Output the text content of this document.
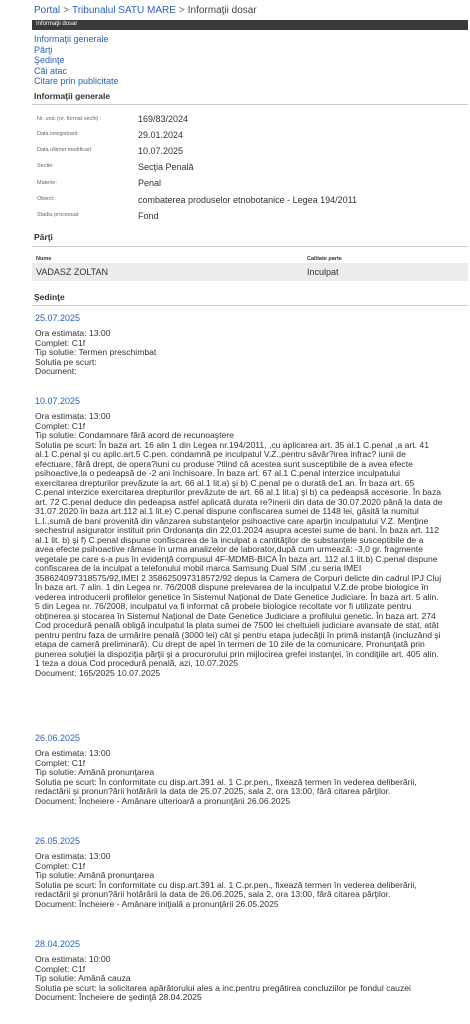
Portal > Tribunalul SATU MARE > Informaţii dosar
Informaţii dosar
Informaţii generale
Părţi
Şedinţe
Căi atac
Citare prin publicitate
Informaţii generale
Nr. unic (nr. format vechi) :	169/83/2024
Data inregistrarii:	29.01.2024
Data ultimei modificari:	10.07.2025
Sectie:	Secţia Penală
Materie:	Penal
Obiect:	combaterea produselor etnobotanice - Legea 194/2011
Stadiu procesual:	Fond
Părţi
Nume	Calitate parte
VADASZ ZOLTAN	Inculpat
Şedinţe
25.07.2025
Ora estimata: 13:00
Complet: C1f
Tip solutie: Termen preschimbat
Solutia pe scurt:
Document:
10.07.2025
Ora estimata: 13:00
Complet: C1f
Tip solutie: Condamnare fără acord de recunoaştere
Solutia pe scurt: În baza art. 16 alin 1 din Legea nr.194/2011, ,cu aplicarea art. 35 al.1 C.penal ,a art. 41 al.1 C.penal şi cu aplic.art.5 C.pen. condamnă pe inculpatul V.Z.,pentru săvâr?irea infrac? iunii de efectuare, fără drept, de opera?iuni cu produse ?tiind că acestea sunt susceptibile de a avea efecte psihoactive,la o pedeapsă de -2 ani închisoare. În baza art. 67 al.1 C.penal interzice inculpatului exercitarea drepturilor prevăzute la art. 66 al.1 lit.a) şi b) C.penal pe o durată de1 an. În baza art. 65 C.penal interzice exercitarea drepturilor prevăzute de art. 66 al.1 lit.a) şi b) ca pedeapsă accesorie. În baza art. 72 C.penal deduce din pedeapsa astfel aplicată durata re?inerii din data de 30.07.2020 până la data de 31.07.2020 în baza art.112 al.1 lit.e) C.penal dispune confiscarea sumei de 1148 lei, găsită la numitul L.I.,sumă de bani provenită din vânzarea substanţelor psihoactive care aparţin inculpatului V.Z. Menţine sechestrul asigurator instituit prin Ordonanţa din 22.01.2024 asupra acestei sume de bani. În baza art. 112 al.1 lit. b) şi f) C.penal dispune confiscarea de la inculpat a cantităţilor de substanţele susceptibile de a avea efecte psihoactive rămase în urma analizelor de laborator,după cum urmează: -3,0 gr. fragmente vegetale pe care s-a pus în evidenţă compusul 4F-MDMB-BICA În baza art. 112 al.1 lit.b) C.penal dispune confiscarea de la inculpat a telefonului mobil marca Samsung Dual SIM ,cu seria IMEI 358624097318575/92,IMEI 2 358625097318572/92 depus la Camera de Corpuri delicte din cadrul IPJ Cluj În baza art. 7 alin. 1 din Legea nr. 76/2008 dispune prelevarea de la inculpatul V.Z.de probe biologice în vederea introducerii profilelor genetice în Sistemul Naţional de Date Genetice Judiciare. În baza art. 5 alin. 5 din Legea nr. 76/2008, inculpatul va fi informat că probele biologice recoltate vor fi utilizate pentru obţinerea şi stocarea în Sistemul Naţional de Date Genetice Judiciare a profilului genetic. În baza art. 274 Cod procedură penală obligă inculpatul la plata sumei de 7500 lei cheltuieli judiciare avansate de stat, atât pentru pentru faza de urmărire penală (3000 lei) cât şi pentru etapa judecăţii în primă instanţă (incluzând şi etapa de cameră preliminară). Cu drept de apel în termen de 10 zile de la comunicare. Pronunţată prin punerea soluţiei la dispoziţia părţii şi a procurorului prin mijlocirea grefei instanţei, în condiţiile art. 405 alin. 1 teza a doua Cod procedură penală, azi, 10.07.2025
Document: 165/2025 10.07.2025
26.06.2025
Ora estimata: 13:00
Complet: C1f
Tip solutie: Amână pronunţarea
Solutia pe scurt: În conformitate cu disp.art.391 al. 1 C.pr.pen., fixează termen în vederea deliberării, redactării şi pronun?ării hotărârii la data de 25.07.2025, sala 2, ora 13:00, fără citarea părţilor.
Document: Încheiere - Amânare ulterioară a pronunţării 26.06.2025
26.05.2025
Ora estimata: 13:00
Complet: C1f
Tip solutie: Amână pronunţarea
Solutia pe scurt: În conformitate cu disp.art.391 al. 1 C.pr.pen., fixează termen în vederea deliberării, redactării şi pronun?ării hotărârii la data de 26.06.2025, sala 2, ora 13:00, fără citarea părţilor.
Document: Încheiere - Amânare iniţială a pronunţării 26.05.2025
28.04.2025
Ora estimata: 10:00
Complet: C1f
Tip solutie: Amână cauza
Solutia pe scurt: la solicitarea apărătorului ales a inc.pentru pregătirea concluziilor pe fondul cauzei
Document: Încheiere de şedinţă 28.04.2025
